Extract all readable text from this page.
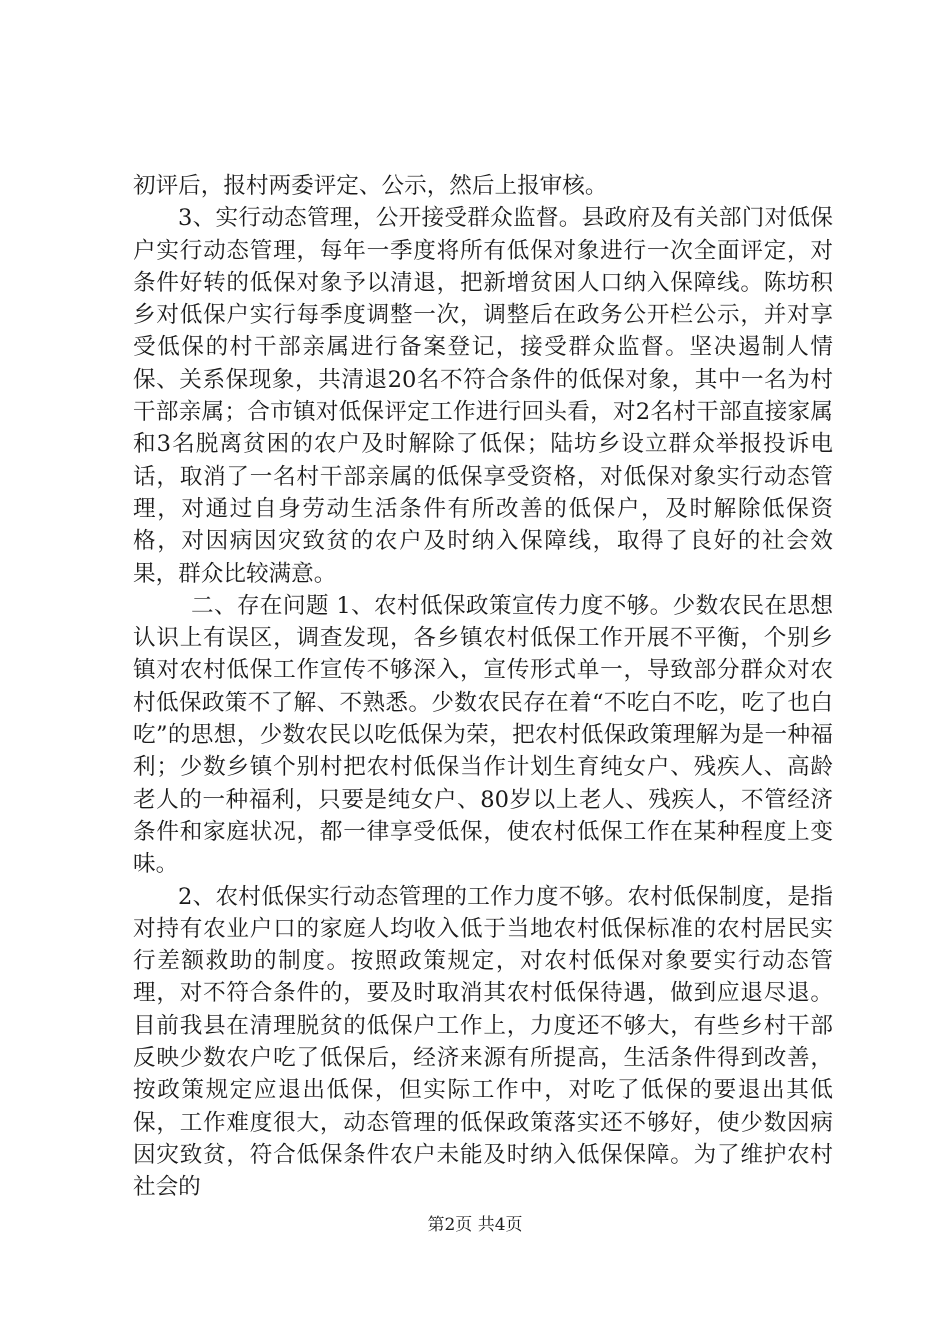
初评后，报村两委评定、公示，然后上报审核。

3、实行动态管理，公开接受群众监督。县政府及有关部门对低保户实行动态管理，每年一季度将所有低保对象进行一次全面评定，对条件好转的低保对象予以清退，把新增贫困人口纳入保障线。陈坊积乡对低保户实行每季度调整一次，调整后在政务公开栏公示，并对享受低保的村干部亲属进行备案登记，接受群众监督。坚决遏制人情保、关系保现象，共清退20名不符合条件的低保对象，其中一名为村干部亲属；合市镇对低保评定工作进行回头看，对2名村干部直接家属和3名脱离贫困的农户及时解除了低保；陆坊乡设立群众举报投诉电话，取消了一名村干部亲属的低保享受资格，对低保对象实行动态管理，对通过自身劳动生活条件有所改善的低保户，及时解除低保资格，对因病因灾致贫的农户及时纳入保障线，取得了良好的社会效果，群众比较满意。

二、存在问题 1、农村低保政策宣传力度不够。少数农民在思想认识上有误区，调查发现，各乡镇农村低保工作开展不平衡，个别乡镇对农村低保工作宣传不够深入，宣传形式单一，导致部分群众对农村低保政策不了解、不熟悉。少数农民存在着“不吃白不吃，吃了也白吃”的思想，少数农民以吃低保为荣，把农村低保政策理解为是一种福利；少数乡镇个别村把农村低保当作计划生育纯女户、残疾人、高龄老人的一种福利，只要是纯女户、80岁以上老人、残疾人，不管经济条件和家庭状况，都一律享受低保，使农村低保工作在某种程度上变味。

2、农村低保实行动态管理的工作力度不够。农村低保制度，是指对持有农业户口的家庭人均收入低于当地农村低保标准的农村居民实行差额救助的制度。按照政策规定，对农村低保对象要实行动态管理，对不符合条件的，要及时取消其农村低保待遇，做到应退尽退。目前我县在清理脱贫的低保户工作上，力度还不够大，有些乡村干部反映少数农户吃了低保后，经济来源有所提高，生活条件得到改善，按政策规定应退出低保，但实际工作中，对吃了低保的要退出其低保，工作难度很大，动态管理的低保政策落实还不够好，使少数因病因灾致贫，符合低保条件农户未能及时纳入低保保障。为了维护农村社会的

第2页 共4页
